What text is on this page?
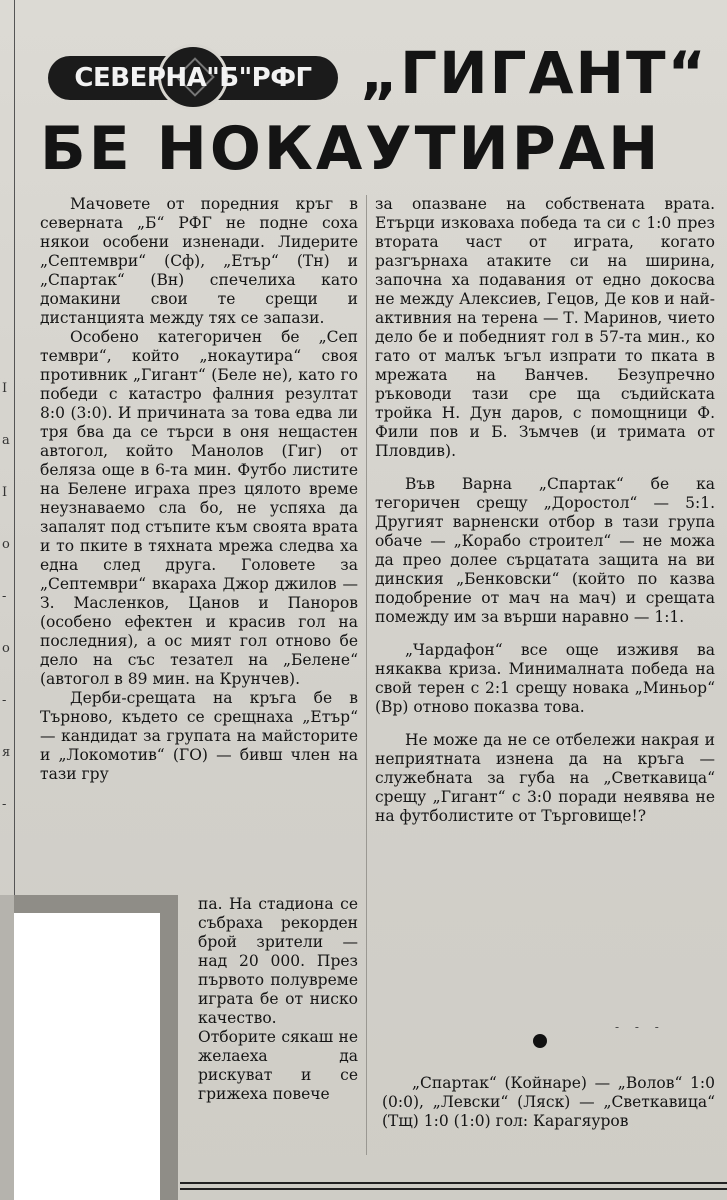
I
a
I
o
-
o
-
я
-
СЕВЕРНА"Б"РФГ „ГИГАНТ“
БЕ НОКАУТИРАН

Мачовете от поредния кръг в северната „Б“ РФГ не подне соха някои особени изненади. Лидерите „Септември“ (Сф), „Етър“ (Тн) и „Спартак“ (Вн) спечелиха като домакини свои те срещи и дистанцията между тях се запази.

Особено категоричен бе „Сеп тември“, който „нокаутира“ своя противник „Гигант“ (Беле не), като го победи с катастро фалния резултат 8:0 (3:0). И причината за това едва ли тря бва да се търси в оня нещастен автогол, който Манолов (Гиг) от беляза още в 6-та мин. Футбо листите на Белене играха през цялото време неузнаваемо сла бо, не успяха да запалят под стъпите към своята врата и то пките в тяхната мрежа следва ха една след друга. Головете за „Септември“ вкараха Джор джилов — З. Масленков, Цанов и Паноров (особено ефектен и красив гол на последния), а ос мият гол отново бе дело на със тезател на „Белене“ (автогол в 89 мин. на Крунчев).

Дерби-срещата на кръга бе в Търново, където се срещнаха „Етър“ — кандидат за групата на майсторите и „Локомотив“ (ГО) — бивш член на тази гру

па. На стадиона се събраха рекорден брой зрители — над 20 000. През първото полувреме играта бе от ниско качество. Отборите сякаш не желаеха да рискуват и се грижеха повече

за опазване на собствената врата. Етърци изковаха победа та си с 1:0 през втората част от играта, когато разгърнаха атаките си на ширина, започна ха подавания от едно докосва не между Алексиев, Гецов, Де ков и най-активния на терена — Т. Маринов, чието дело бе и победният гол в 57-та мин., ко гато от малък ъгъл изпрати то пката в мрежата на Ванчев. Безупречно ръководи тази сре ща съдийската тройка Н. Дун даров, с помощници Ф. Фили пов и Б. Зъмчев (и тримата от Пловдив).

Във Варна „Спартак“ бе ка тегоричен срещу „Доростол“ — 5:1. Другият варненски отбор в тази група обаче — „Корабо строител“ — не можа да прео долее сърцатата защита на ви динския „Бенковски“ (който по казва подобрение от мач на мач) и срещата помежду им за върши наравно — 1:1.

„Чардафон“ все още изживя ва някаква криза. Минималната победа на свой терен с 2:1 срещу новака „Миньор“ (Вр) отново показва това.

Не може да не се отбележи накрая и неприятната изнена да на кръга — служебната за губа на „Светкавица“ срещу „Гигант“ с 3:0 поради неявява не на футболистите от Търговище!?

- - -

„Спартак“ (Койнаре) — „Волов“ 1:0 (0:0), „Левски“ (Ляск) — „Светкавица“ (Тщ) 1:0 (1:0) гол: Карагяуров
